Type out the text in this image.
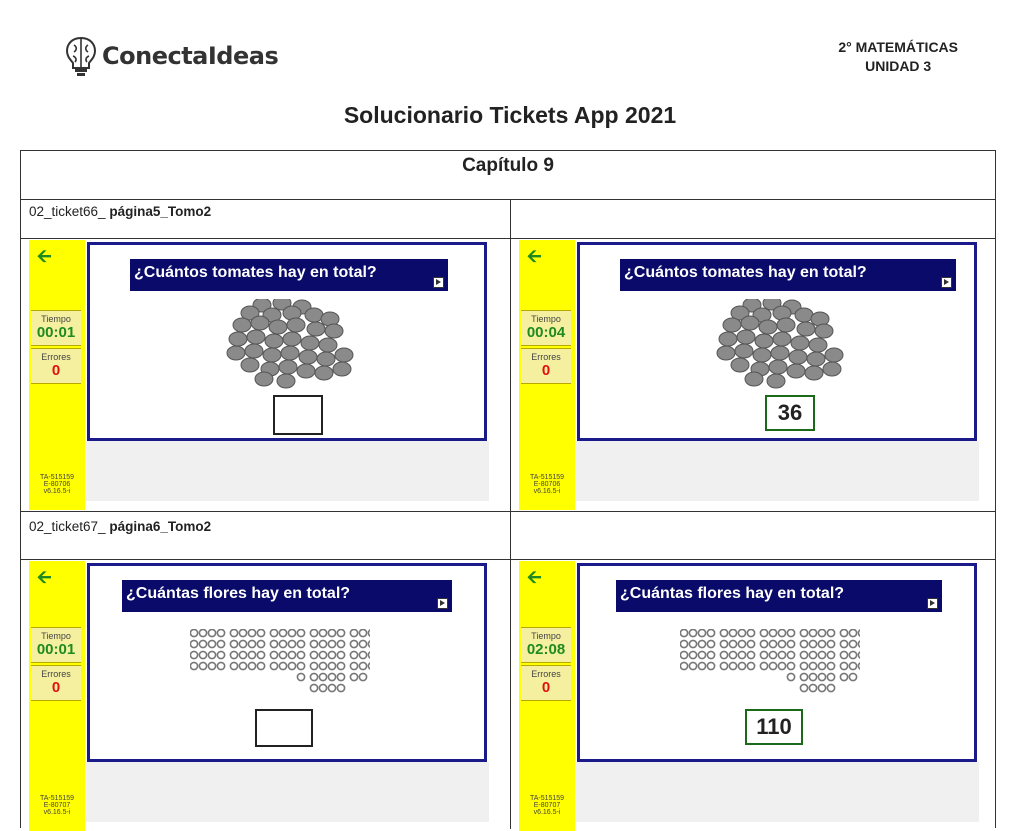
ConectaIdeas	2° MATEMÁTICAS
UNIDAD 3
Solucionario Tickets App 2021
Capítulo 9
02_ticket66_ página5_Tomo2
🡨
Tiempo
00:01
Errores
0
TA-515159
E-80706
v6.16.5-i
¿Cuántos tomates hay en total?
🡨
Tiempo
00:04
Errores
0
TA-515159
E-80706
v6.16.5-i
¿Cuántos tomates hay en total?
36
02_ticket67_ página6_Tomo2
🡨
Tiempo
00:01
Errores
0
TA-515159
E-80707
v6.16.5-i
¿Cuántas flores hay en total?
🡨
Tiempo
02:08
Errores
0
TA-515159
E-80707
v6.16.5-i
¿Cuántas flores hay en total?
110
